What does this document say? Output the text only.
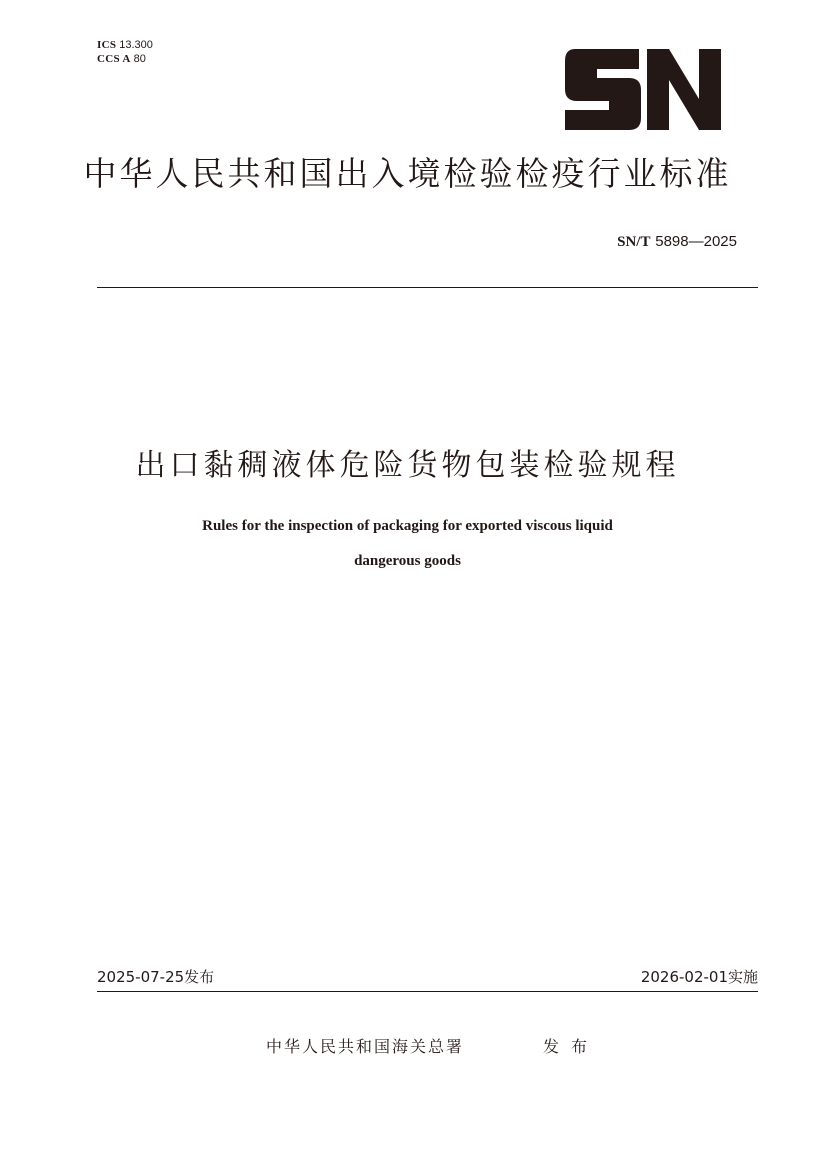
ICS 13.300
CCS A 80
中华人民共和国出入境检验检疫行业标准
SN/T 5898—2025
出口黏稠液体危险货物包装检验规程
Rules for the inspection of packaging for exported viscous liquid
dangerous goods
2025-07-25发布	2026-02-01实施
中华人民共和国海关总署	发布
